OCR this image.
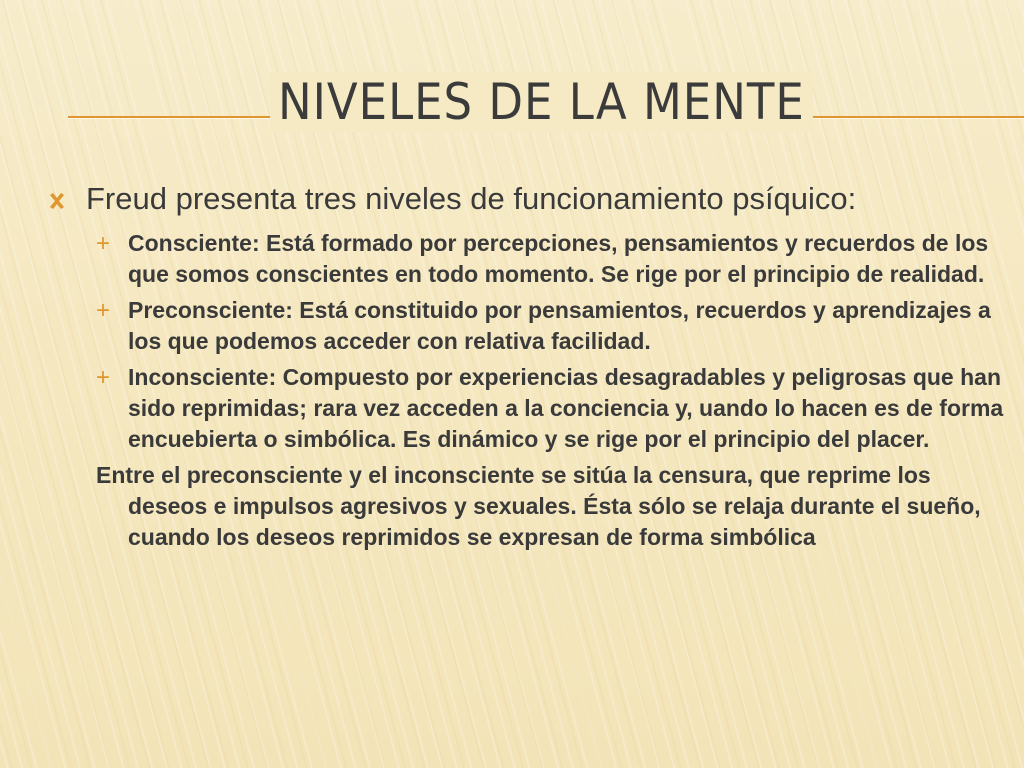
NIVELES DE LA MENTE
Freud presenta tres niveles de funcionamiento psíquico:
+ Consciente: Está formado por percepciones, pensamientos y recuerdos de los que somos conscientes en todo momento. Se rige por el principio de realidad.
+ Preconsciente: Está constituido por pensamientos, recuerdos y aprendizajes a los que podemos acceder con relativa facilidad.
+ Inconsciente: Compuesto por experiencias desagradables y peligrosas que han sido reprimidas; rara vez acceden a la conciencia y, uando lo hacen es de forma encuebierta o simbólica. Es dinámico y se rige por el principio del placer.
Entre el preconsciente y el inconsciente se sitúa la censura, que reprime los deseos e impulsos agresivos y sexuales. Ésta sólo se relaja durante el sueño, cuando los deseos reprimidos se expresan de forma simbólica
